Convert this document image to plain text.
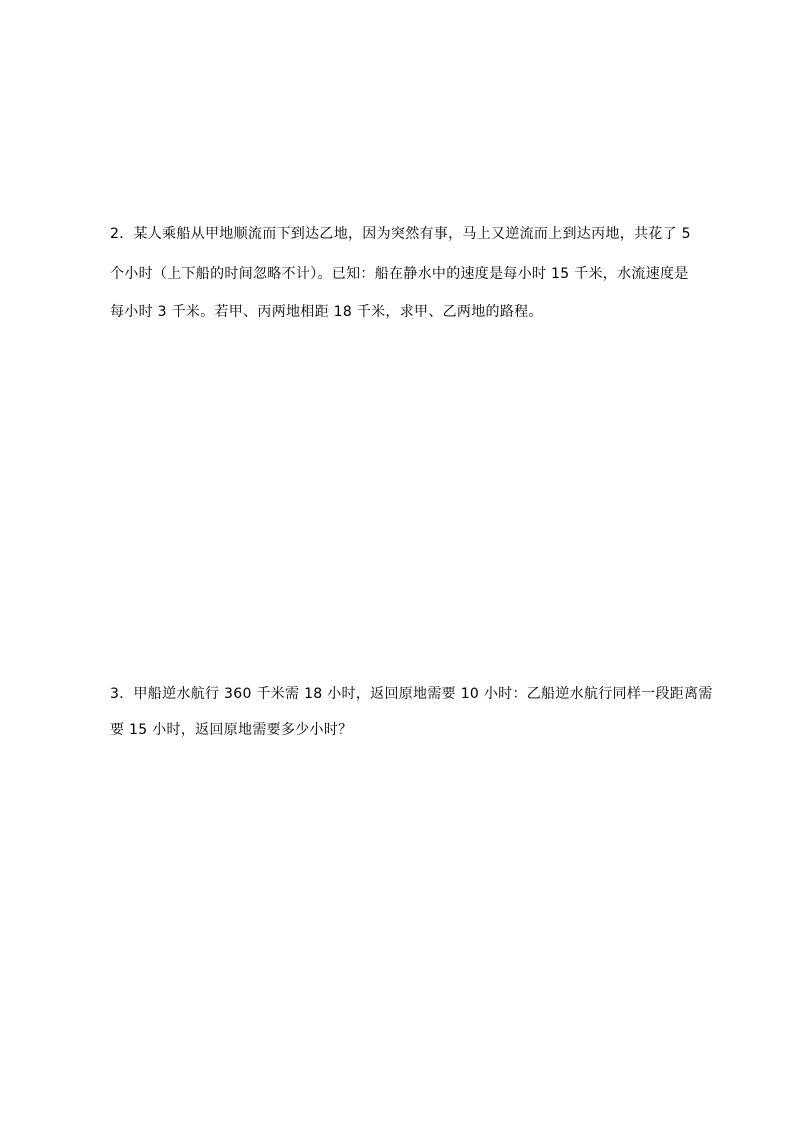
2．某人乘船从甲地顺流而下到达乙地，因为突然有事，马上又逆流而上到达丙地，共花了 5
个小时（上下船的时间忽略不计）。已知：船在静水中的速度是每小时 15 千米，水流速度是
每小时 3 千米。若甲、丙两地相距 18 千米，求甲、乙两地的路程。
3．甲船逆水航行 360 千米需 18 小时，返回原地需要 10 小时：乙船逆水航行同样一段距离需
要 15 小时，返回原地需要多少小时？
